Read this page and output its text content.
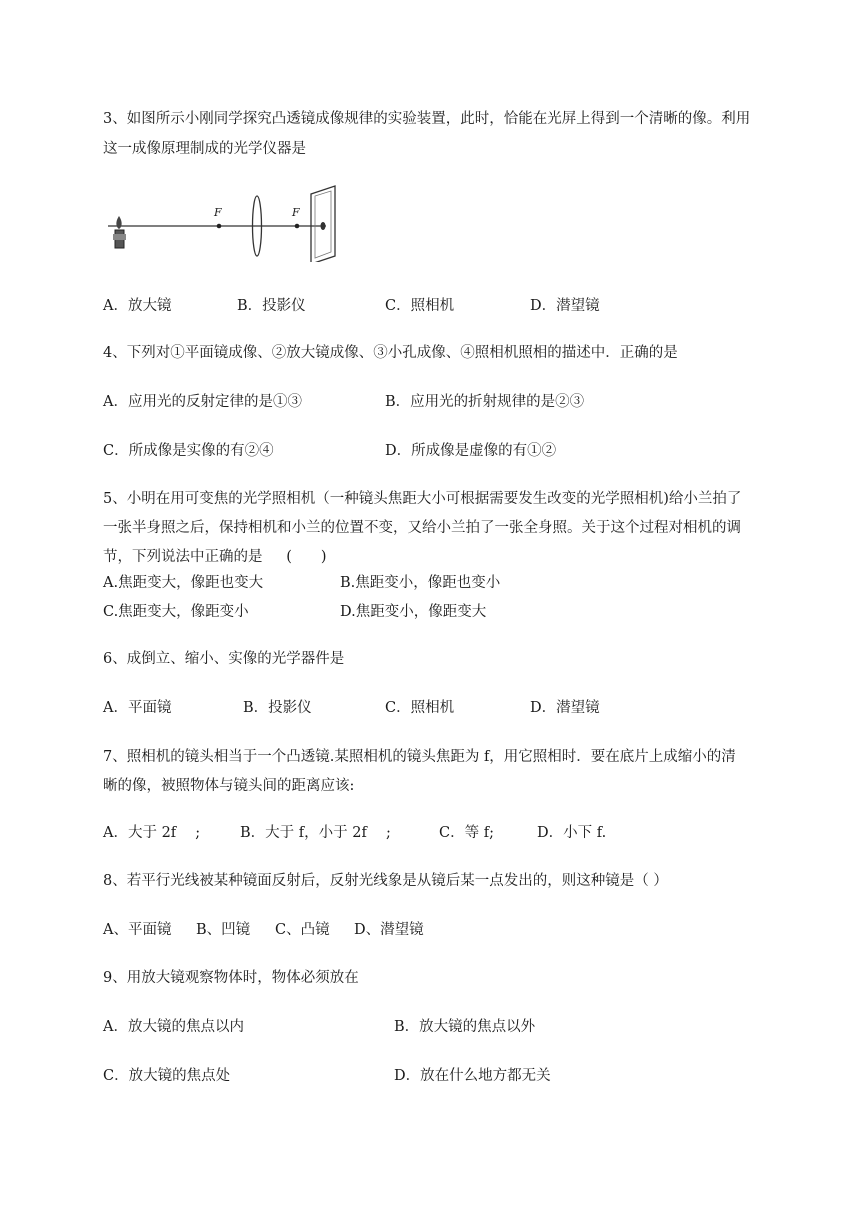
3、如图所示小刚同学探究凸透镜成像规律的实验装置，此时，恰能在光屏上得到一个清晰的像。利用
这一成像原理制成的光学仪器是
F	F
A．放大镜	B．投影仪	C．照相机	D．潜望镜
4、下列对①平面镜成像、②放大镜成像、③小孔成像、④照相机照相的描述中．正确的是
A．应用光的反射定律的是①③	B．应用光的折射规律的是②③
C．所成像是实像的有②④	D．所成像是虚像的有①②
5、小明在用可变焦的光学照相机（一种镜头焦距大小可根据需要发生改变的光学照相机)给小兰拍了
一张半身照之后，保持相机和小兰的位置不变，又给小兰拍了一张全身照。关于这个过程对相机的调
节，下列说法中正确的是　  (　　)
A.焦距变大，像距也变大	B.焦距变小，像距也变小
C.焦距变大，像距变小	D.焦距变小，像距变大
6、成倒立、缩小、实像的光学器件是
A．平面镜	B．投影仪	C．照相机	D．潜望镜
7、照相机的镜头相当于一个凸透镜.某照相机的镜头焦距为 f，用它照相时．要在底片上成缩小的清
晰的像，被照物体与镜头间的距离应该:
A．大于 2f　 ;	B．大于 f，小于 2f　 ;	C．等 f;	D．小下 f.
8、若平行光线被某种镜面反射后，反射光线象是从镜后某一点发出的，则这种镜是（ ）
A、平面镜 B、凹镜 C、凸镜 D、潜望镜
9、用放大镜观察物体时，物体必须放在
A．放大镜的焦点以内	B．放大镜的焦点以外
C．放大镜的焦点处	D．放在什么地方都无关
